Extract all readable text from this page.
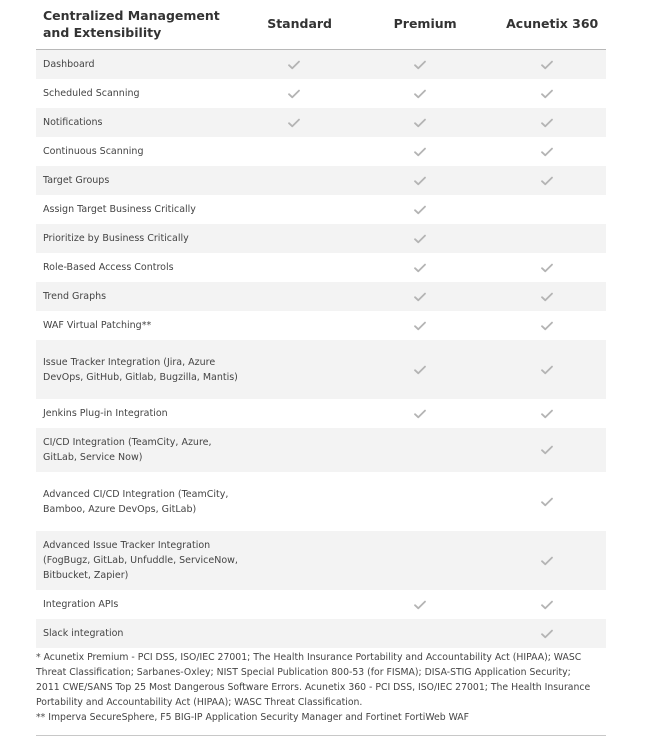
Centralized Management and Extensibility
Standard	Premium	Acunetix 360
Dashboard
Scheduled Scanning
Notifications
Continuous Scanning
Target Groups
Assign Target Business Critically
Prioritize by Business Critically
Role-Based Access Controls
Trend Graphs
WAF Virtual Patching**
Issue Tracker Integration (Jira, Azure DevOps, GitHub, Gitlab, Bugzilla, Mantis)
Jenkins Plug-in Integration
CI/CD Integration (TeamCity, Azure, GitLab, Service Now)
Advanced CI/CD Integration (TeamCity, Bamboo, Azure DevOps, GitLab)
Advanced Issue Tracker Integration (FogBugz, GitLab, Unfuddle, ServiceNow, Bitbucket, Zapier)
Integration APIs
Slack integration
* Acunetix Premium - PCI DSS, ISO/IEC 27001; The Health Insurance Portability and Accountability Act (HIPAA); WASC Threat Classification; Sarbanes-Oxley; NIST Special Publication 800-53 (for FISMA); DISA-STIG Application Security; 2011 CWE/SANS Top 25 Most Dangerous Software Errors. Acunetix 360 - PCI DSS, ISO/IEC 27001; The Health Insurance Portability and Accountability Act (HIPAA); WASC Threat Classification.
** Imperva SecureSphere, F5 BIG-IP Application Security Manager and Fortinet FortiWeb WAF
